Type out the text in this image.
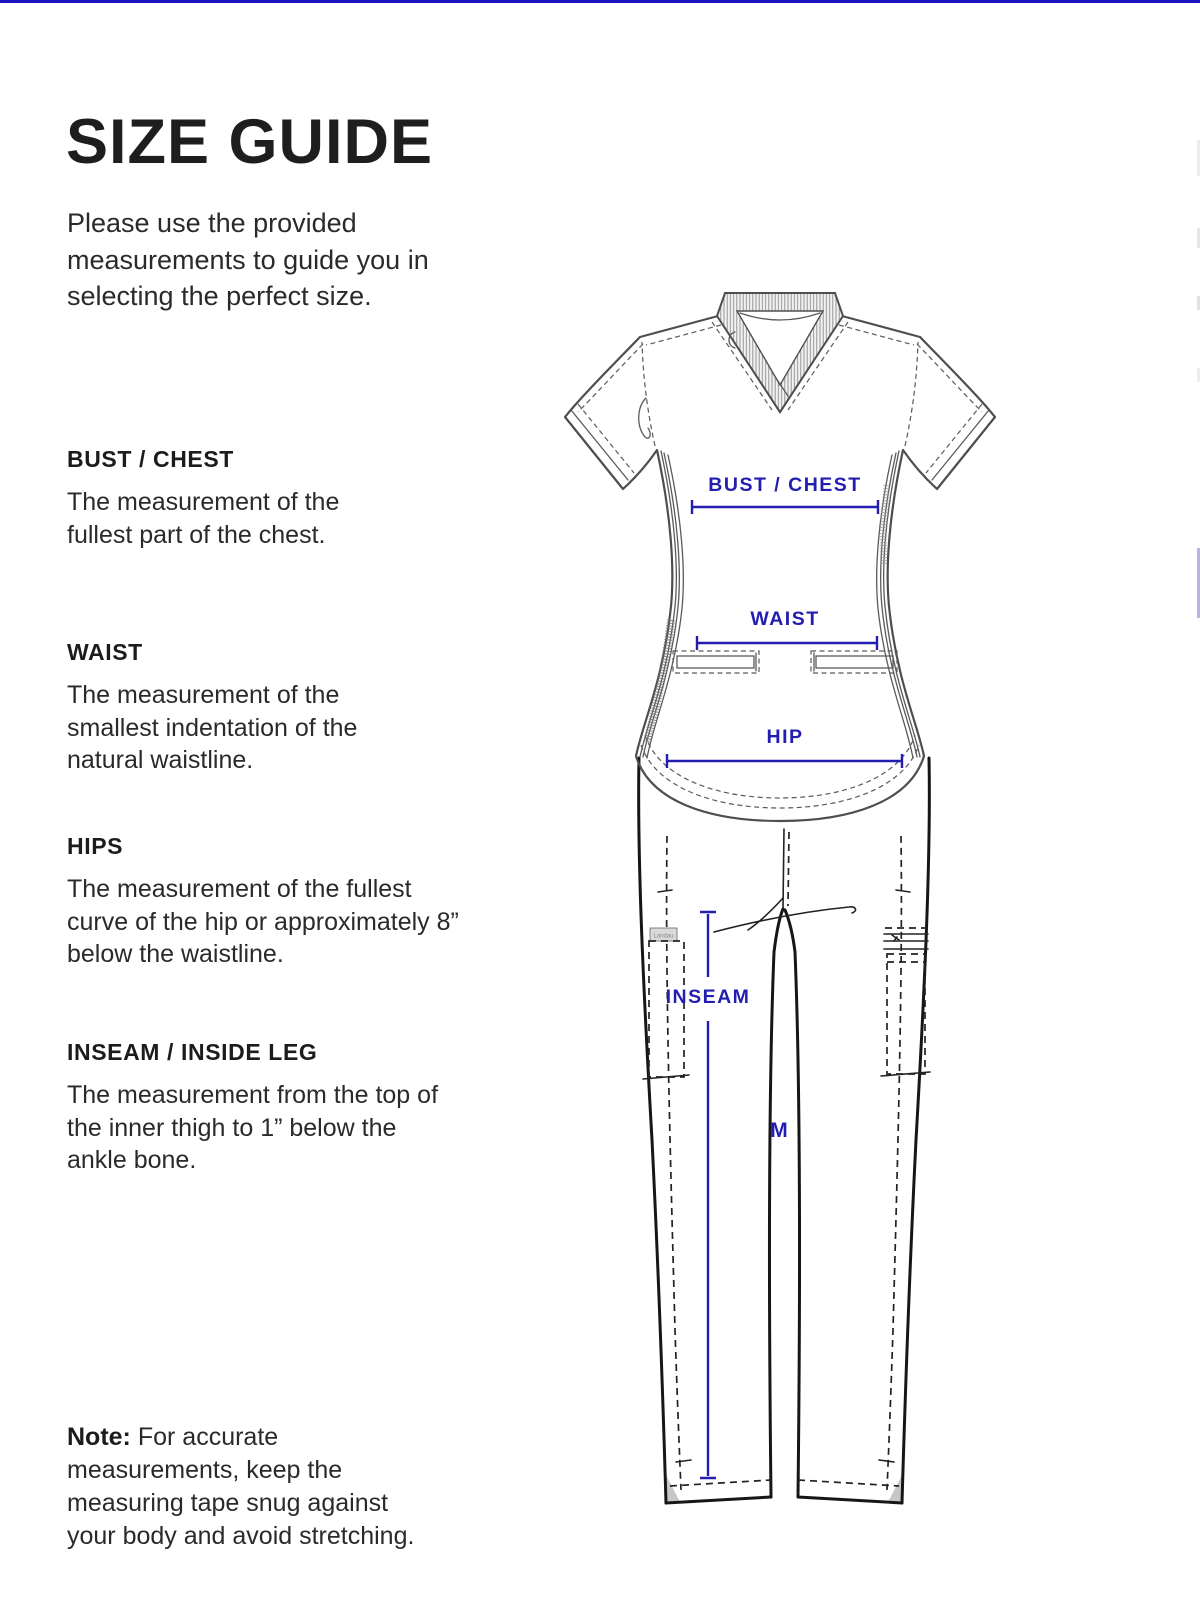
SIZE GUIDE

Please use the provided measurements to guide you in selecting the perfect size.

BUST / CHEST

The measurement of the fullest part of the chest.

WAIST

The measurement of the smallest indentation of the natural waistline.

HIPS

The measurement of the fullest curve of the hip or approximately 8” below the waistline.

INSEAM / INSIDE LEG

The measurement from the top of the inner thigh to 1” below the ankle bone.

Note: For accurate measurements, keep the measuring tape snug against your body and avoid stretching.

Landau
BUST / CHEST
WAIST
HIP
INSEAM
M
